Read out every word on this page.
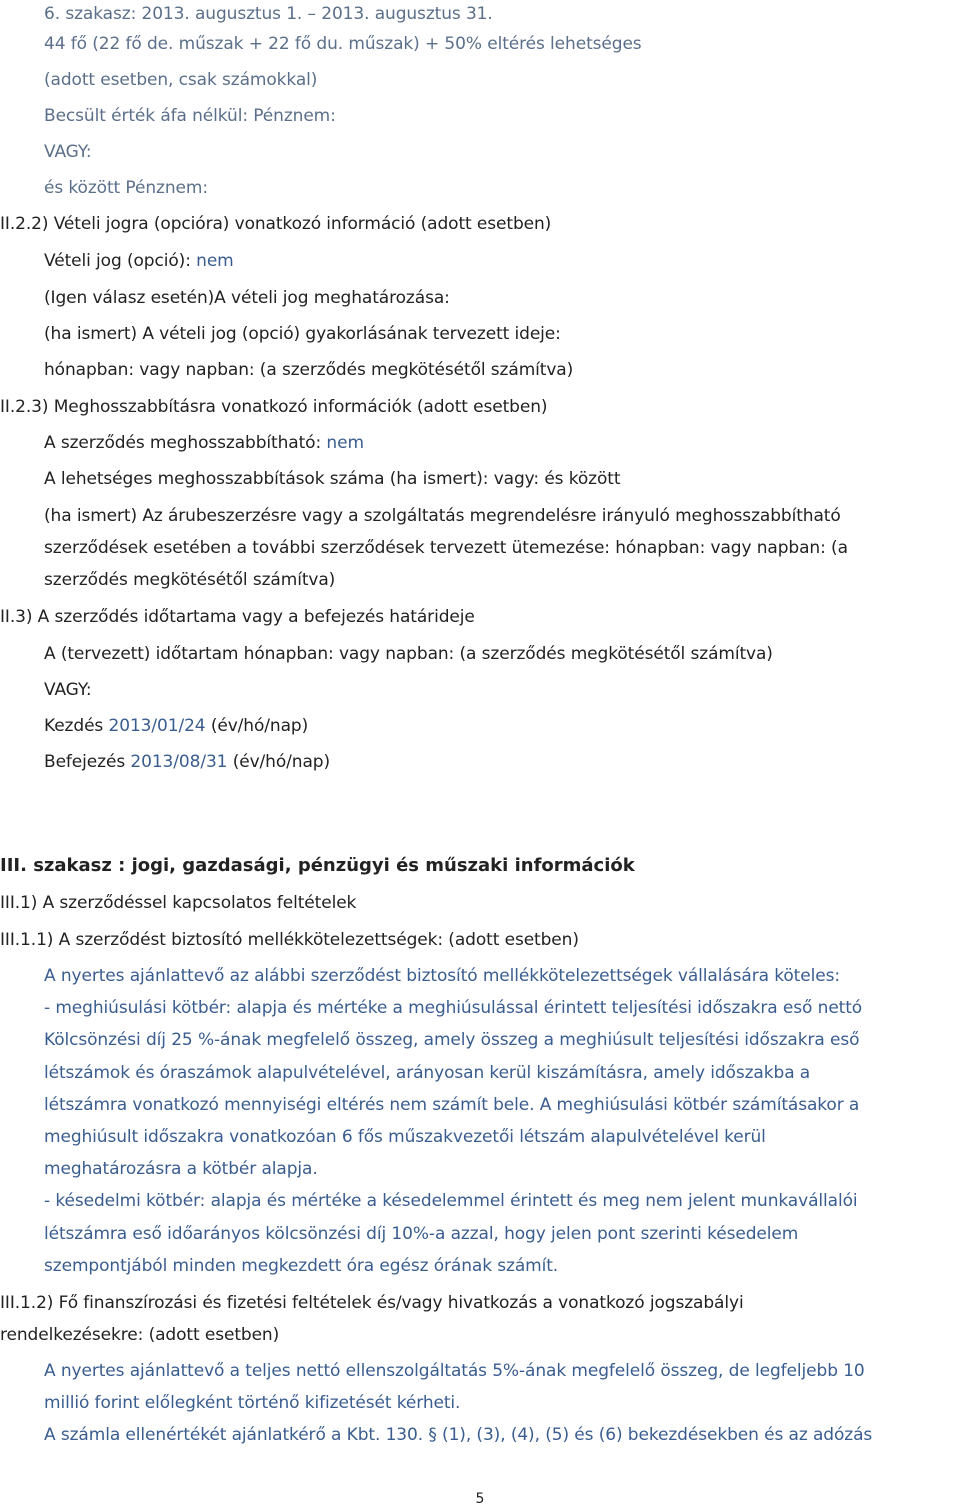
6. szakasz: 2013. augusztus 1. – 2013. augusztus 31.
44 fő (22 fő de. műszak + 22 fő du. műszak) + 50% eltérés lehetséges
(adott esetben, csak számokkal)
Becsült érték áfa nélkül: Pénznem:
VAGY:
és között Pénznem:
II.2.2) Vételi jogra (opcióra) vonatkozó információ (adott esetben)
Vételi jog (opció): nem
(Igen válasz esetén)A vételi jog meghatározása:
(ha ismert) A vételi jog (opció) gyakorlásának tervezett ideje:
hónapban: vagy napban: (a szerződés megkötésétől számítva)
II.2.3) Meghosszabbításra vonatkozó információk (adott esetben)
A szerződés meghosszabbítható: nem
A lehetséges meghosszabbítások száma (ha ismert): vagy: és között
(ha ismert) Az árubeszerzésre vagy a szolgáltatás megrendelésre irányuló meghosszabbítható
szerződések esetében a további szerződések tervezett ütemezése: hónapban: vagy napban: (a
szerződés megkötésétől számítva)
II.3) A szerződés időtartama vagy a befejezés határideje
A (tervezett) időtartam hónapban: vagy napban: (a szerződés megkötésétől számítva)
VAGY:
Kezdés 2013/01/24 (év/hó/nap)
Befejezés 2013/08/31 (év/hó/nap)
III. szakasz : jogi, gazdasági, pénzügyi és műszaki információk
III.1) A szerződéssel kapcsolatos feltételek
III.1.1) A szerződést biztosító mellékkötelezettségek: (adott esetben)
A nyertes ajánlattevő az alábbi szerződést biztosító mellékkötelezettségek vállalására köteles:
- meghiúsulási kötbér: alapja és mértéke a meghiúsulással érintett teljesítési időszakra eső nettó
Kölcsönzési díj 25 %-ának megfelelő összeg, amely összeg a meghiúsult teljesítési időszakra eső
létszámok és óraszámok alapulvételével, arányosan kerül kiszámításra, amely időszakba a
létszámra vonatkozó mennyiségi eltérés nem számít bele. A meghiúsulási kötbér számításakor a
meghiúsult időszakra vonatkozóan 6 fős műszakvezetői létszám alapulvételével kerül
meghatározásra a kötbér alapja.
- késedelmi kötbér: alapja és mértéke a késedelemmel érintett és meg nem jelent munkavállalói
létszámra eső időarányos kölcsönzési díj 10%-a azzal, hogy jelen pont szerinti késedelem
szempontjából minden megkezdett óra egész órának számít.
III.1.2) Fő finanszírozási és fizetési feltételek és/vagy hivatkozás a vonatkozó jogszabályi
rendelkezésekre: (adott esetben)
A nyertes ajánlattevő a teljes nettó ellenszolgáltatás 5%-ának megfelelő összeg, de legfeljebb 10
millió forint előlegként történő kifizetését kérheti.
A számla ellenértékét ajánlatkérő a Kbt. 130. § (1), (3), (4), (5) és (6) bekezdésekben és az adózás
5
